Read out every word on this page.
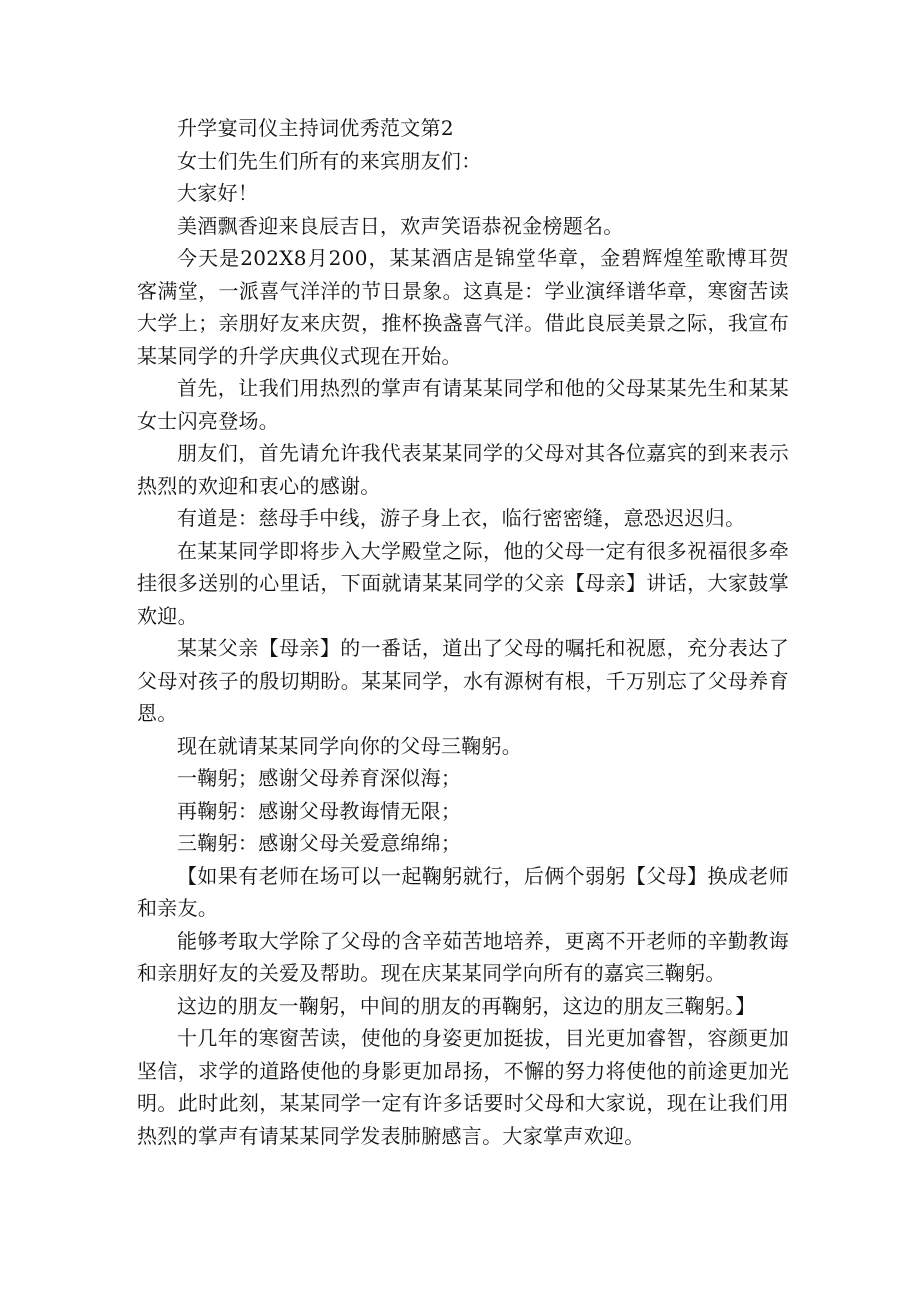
升学宴司仪主持词优秀范文第2

女士们先生们所有的来宾朋友们：

大家好！

美酒飘香迎来良辰吉日，欢声笑语恭祝金榜题名。

今天是202X8月200，某某酒店是锦堂华章，金碧辉煌笙歌博耳贺客满堂，一派喜气洋洋的节日景象。这真是：学业演绎谱华章，寒窗苦读大学上；亲朋好友来庆贺，推杯换盏喜气洋。借此良辰美景之际，我宣布某某同学的升学庆典仪式现在开始。

首先，让我们用热烈的掌声有请某某同学和他的父母某某先生和某某女士闪亮登场。

朋友们，首先请允许我代表某某同学的父母对其各位嘉宾的到来表示热烈的欢迎和衷心的感谢。

有道是：慈母手中线，游子身上衣，临行密密缝，意恐迟迟归。

在某某同学即将步入大学殿堂之际，他的父母一定有很多祝福很多牵挂很多送别的心里话，下面就请某某同学的父亲【母亲】讲话，大家鼓掌欢迎。

某某父亲【母亲】的一番话，道出了父母的嘱托和祝愿，充分表达了父母对孩子的殷切期盼。某某同学，水有源树有根，千万别忘了父母养育恩。

现在就请某某同学向你的父母三鞠躬。

一鞠躬；感谢父母养育深似海；

再鞠躬：感谢父母教诲情无限；

三鞠躬：感谢父母关爱意绵绵；

【如果有老师在场可以一起鞠躬就行，后俩个弱躬【父母】换成老师和亲友。

能够考取大学除了父母的含辛茹苦地培养，更离不开老师的辛勤教诲和亲朋好友的关爱及帮助。现在庆某某同学向所有的嘉宾三鞠躬。

这边的朋友一鞠躬，中间的朋友的再鞠躬，这边的朋友三鞠躬。】

十几年的寒窗苦读，使他的身姿更加挺拔，目光更加睿智，容颜更加坚信，求学的道路使他的身影更加昂扬，不懈的努力将使他的前途更加光明。此时此刻，某某同学一定有许多话要时父母和大家说，现在让我们用热烈的掌声有请某某同学发表肺腑感言。大家掌声欢迎。
